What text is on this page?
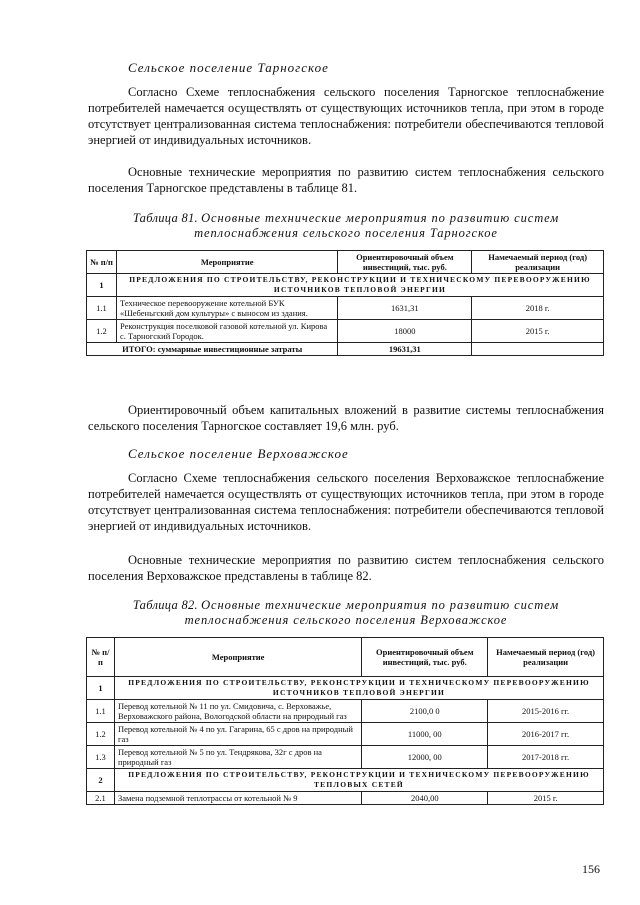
Сельское поселение Тарногское

Согласно Схеме теплоснабжения сельского поселения Тарногское теплоснабжение потребителей намечается осуществлять от существующих источников тепла, при этом в городе отсутствует централизованная система теплоснабжения: потребители обеспечиваются тепловой энергией от индивидуальных источников.

Основные технические мероприятия по развитию систем теплоснабжения сельского поселения Тарногское представлены в таблице 81.

Таблица 81. Основные технические мероприятия по развитию систем теплоснабжения сельского поселения Тарногское
№ п/п	Мероприятие	Ориентировочный объем инвестиций, тыс. руб.	Намечаемый период (год) реализации
1	ПРЕДЛОЖЕНИЯ ПО СТРОИТЕЛЬСТВУ, РЕКОНСТРУКЦИИ И ТЕХНИЧЕСКОМУ ПЕРЕВООРУЖЕНИЮ ИСТОЧНИКОВ ТЕПЛОВОЙ ЭНЕРГИИ		
1.1	Техническое перевооружение котельной БУК «Шебеньгский дом культуры» с выносом из здания.	1631,31	2018 г.
1.2	Реконструкция поселковой газовой котельной ул. Кирова с. Тарногский Городок.	18000	2015 г.
ИТОГО: суммарные инвестиционные затраты		19631,31	

Ориентировочный объем капитальных вложений в развитие системы теплоснабжения сельского поселения Тарногское составляет 19,6 млн. руб.

Сельское поселение Верховажское

Согласно Схеме теплоснабжения сельского поселения Верховажское теплоснабжение потребителей намечается осуществлять от существующих источников тепла, при этом в городе отсутствует централизованная система теплоснабжения: потребители обеспечиваются тепловой энергией от индивидуальных источников.

Основные технические мероприятия по развитию систем теплоснабжения сельского поселения Верховажское представлены в таблице 82.

Таблица 82. Основные технические мероприятия по развитию систем теплоснабжения сельского поселения Верховажское
№ п/п	Мероприятие	Ориентировочный объем инвестиций, тыс. руб.	Намечаемый период (год) реализации
1	ПРЕДЛОЖЕНИЯ ПО СТРОИТЕЛЬСТВУ, РЕКОНСТРУКЦИИ И ТЕХНИЧЕСКОМУ ПЕРЕВООРУЖЕНИЮ ИСТОЧНИКОВ ТЕПЛОВОЙ ЭНЕРГИИ		
1.1	Перевод котельной № 11 по ул. Смидовича, с. Верховажье, Верховажского района, Вологодской области на природный газ	2100,0 0	2015-2016 гг.
1.2	Перевод котельной № 4 по ул. Гагарина, 65 с дров на природный газ	11000, 00	2016-2017 гг.
1.3	Перевод котельной № 5 по ул. Тендрякова, 32г с дров на природный газ	12000, 00	2017-2018 гг.
2	ПРЕДЛОЖЕНИЯ ПО СТРОИТЕЛЬСТВУ, РЕКОНСТРУКЦИИ И ТЕХНИЧЕСКОМУ ПЕРЕВООРУЖЕНИЮ ТЕПЛОВЫХ СЕТЕЙ		
2.1	Замена подземной теплотрассы от котельной № 9	2040,00	2015 г.
156
